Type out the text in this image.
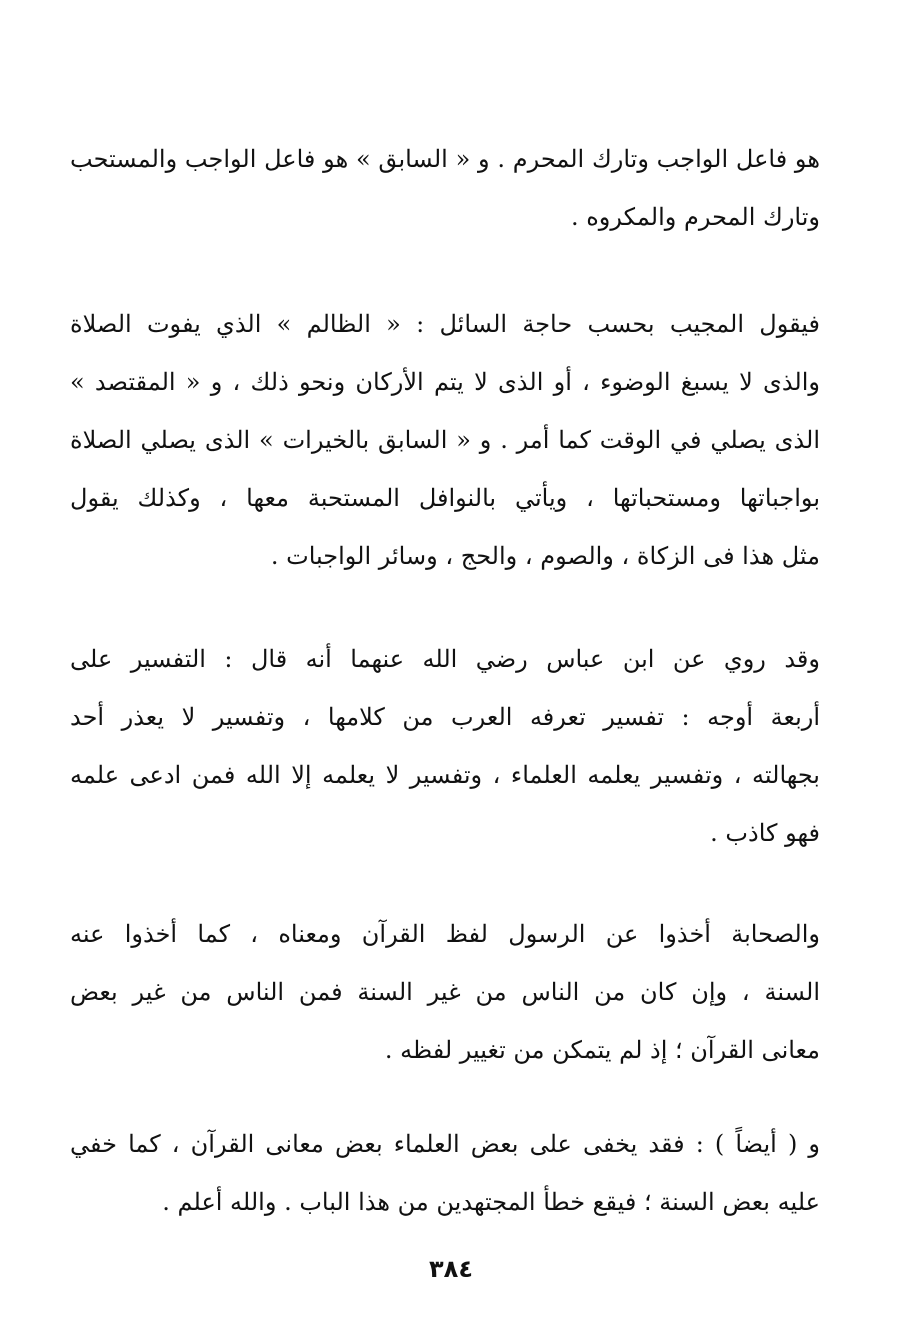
هو فاعل الواجب وتارك المحرم . و « السابق » هو فاعل الواجب والمستحب
وتارك المحرم والمكروه .
فيقول المجيب بحسب حاجة السائل : « الظالم » الذي يفوت الصلاة
والذى لا يسبغ الوضوء ، أو الذى لا يتم الأركان ونحو ذلك ، و « المقتصد »
الذى يصلي في الوقت كما أمر . و « السابق بالخيرات » الذى يصلي الصلاة
بواجباتها ومستحباتها ، ويأتي بالنوافل المستحبة معها ، وكذلك يقول
مثل هذا فى الزكاة ، والصوم ، والحج ، وسائر الواجبات .
وقد روي عن ابن عباس رضي الله عنهما أنه قال : التفسير على
أربعة أوجه : تفسير تعرفه العرب من كلامها ، وتفسير لا يعذر أحد
بجهالته ، وتفسير يعلمه العلماء ، وتفسير لا يعلمه إلا الله فمن ادعى علمه
فهو كاذب .
والصحابة أخذوا عن الرسول لفظ القرآن ومعناه ، كما أخذوا عنه
السنة ، وإن كان من الناس من غير السنة فمن الناس من غير بعض
معانى القرآن ؛ إذ لم يتمكن من تغيير لفظه .
و ( أيضاً ) : فقد يخفى على بعض العلماء بعض معانى القرآن ، كما خفي
عليه بعض السنة ؛ فيقع خطأ المجتهدين من هذا الباب . والله أعلم .
٣٨٤
